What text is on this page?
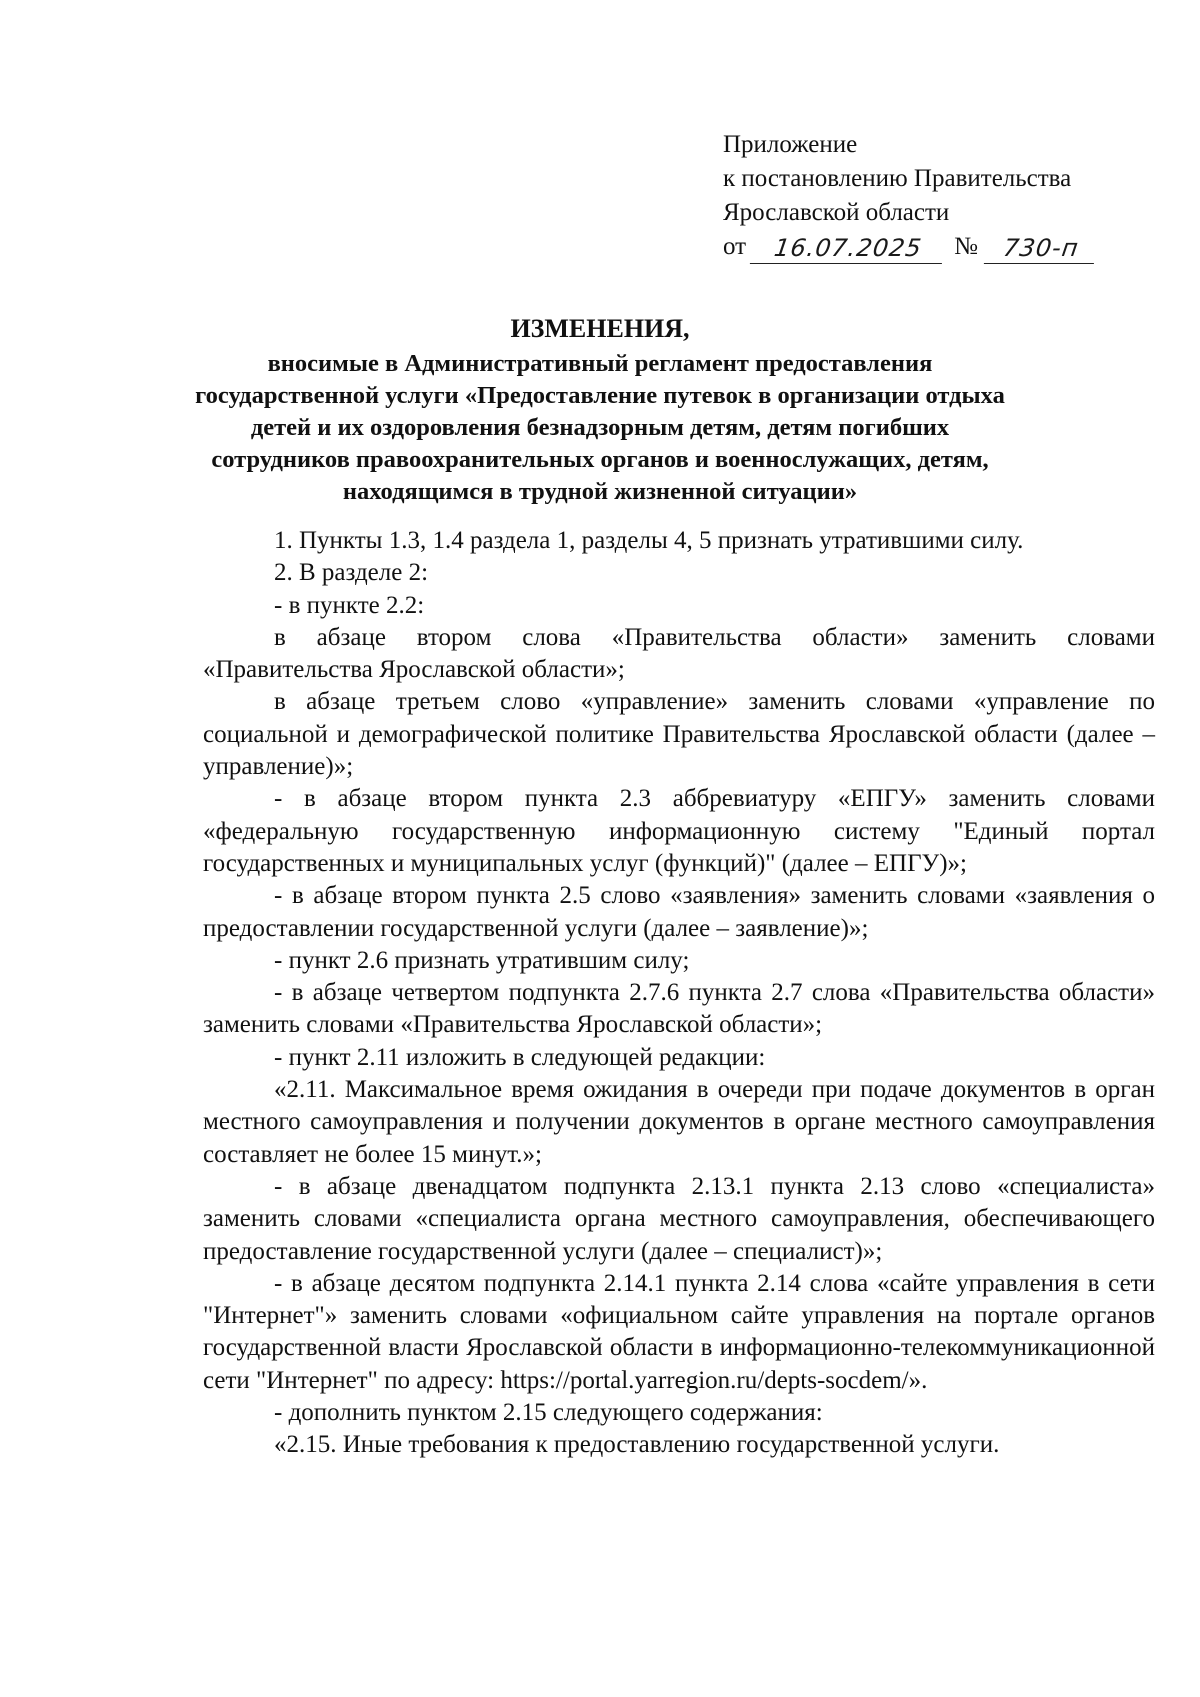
Приложение
к постановлению Правительства
Ярославской области
от	16.07.2025	№ 730-п
ИЗМЕНЕНИЯ,
вносимые в Административный регламент предоставления
государственной услуги «Предоставление путевок в организации отдыха
детей и их оздоровления безнадзорным детям, детям погибших
сотрудников правоохранительных органов и военнослужащих, детям,
находящимся в трудной жизненной ситуации»

1. Пункты 1.3, 1.4 раздела 1, разделы 4, 5 признать утратившими силу.

2. В разделе 2:

- в пункте 2.2:

в абзаце втором слова «Правительства области» заменить словами «Правительства Ярославской области»;

в абзаце третьем слово «управление» заменить словами «управление по социальной и демографической политике Правительства Ярославской области (далее – управление)»;

- в абзаце втором пункта 2.3 аббревиатуру «ЕПГУ» заменить словами «федеральную государственную информационную систему "Единый портал государственных и муниципальных услуг (функций)" (далее – ЕПГУ)»;

- в абзаце втором пункта 2.5 слово «заявления» заменить словами «заявления о предоставлении государственной услуги (далее – заявление)»;

- пункт 2.6 признать утратившим силу;

- в абзаце четвертом подпункта 2.7.6 пункта 2.7 слова «Правительства области» заменить словами «Правительства Ярославской области»;

- пункт 2.11 изложить в следующей редакции:

«2.11. Максимальное время ожидания в очереди при подаче документов в орган местного самоуправления и получении документов в органе местного самоуправления составляет не более 15 минут.»;

- в абзаце двенадцатом подпункта 2.13.1 пункта 2.13 слово «специалиста» заменить словами «специалиста органа местного самоуправления, обеспечивающего предоставление государственной услуги (далее – специалист)»;

- в абзаце десятом подпункта 2.14.1 пункта 2.14 слова «сайте управления в сети "Интернет"» заменить словами «официальном сайте управления на портале органов государственной власти Ярославской области в информационно-телекоммуникационной сети "Интернет" по адресу: https://portal.yarregion.ru/depts-socdem/».

- дополнить пунктом 2.15 следующего содержания:

«2.15. Иные требования к предоставлению государственной услуги.
